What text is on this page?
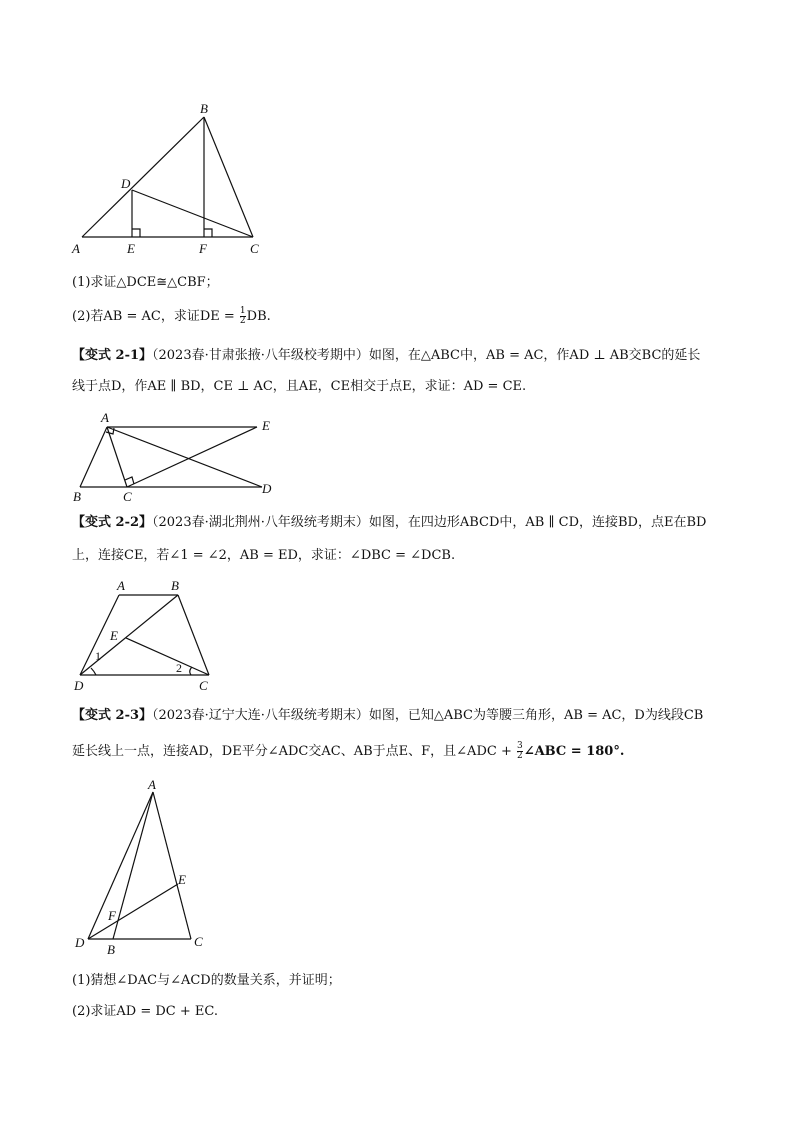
B
D
A	E	F	C
(1)求证△DCE≅△CBF；
(2)若AB = AC，求证DE = $\frac{1}{2}$ DB.
【变式 2-1】（2023春·甘肃张掖·八年级校考期中）如图，在△ABC中，AB = AC，作AD ⊥ AB交BC的延长
线于点D，作AE ∥ BD，CE ⊥ AC，且AE，CE相交于点E，求证：AD = CE.
A
E
B	C
D
【变式 2-2】（2023春·湖北荆州·八年级统考期末）如图，在四边形ABCD中，AB ∥ CD，连接BD，点E在BD
上，连接CE，若∠1 = ∠2，AB = ED，求证：∠DBC = ∠DCB.
A	B
E
1
2
D	C
【变式 2-3】（2023春·辽宁大连·八年级统考期末）如图，已知△ABC为等腰三角形，AB = AC，D为线段CB
延长线上一点，连接AD，DE平分∠ADC交AC、AB于点E、F，且∠ADC + $\frac{3}{2}$ ∠ABC = 180°.
A
E
F
D B
C
(1)猜想∠DAC与∠ACD的数量关系，并证明；
(2)求证AD = DC + EC.
